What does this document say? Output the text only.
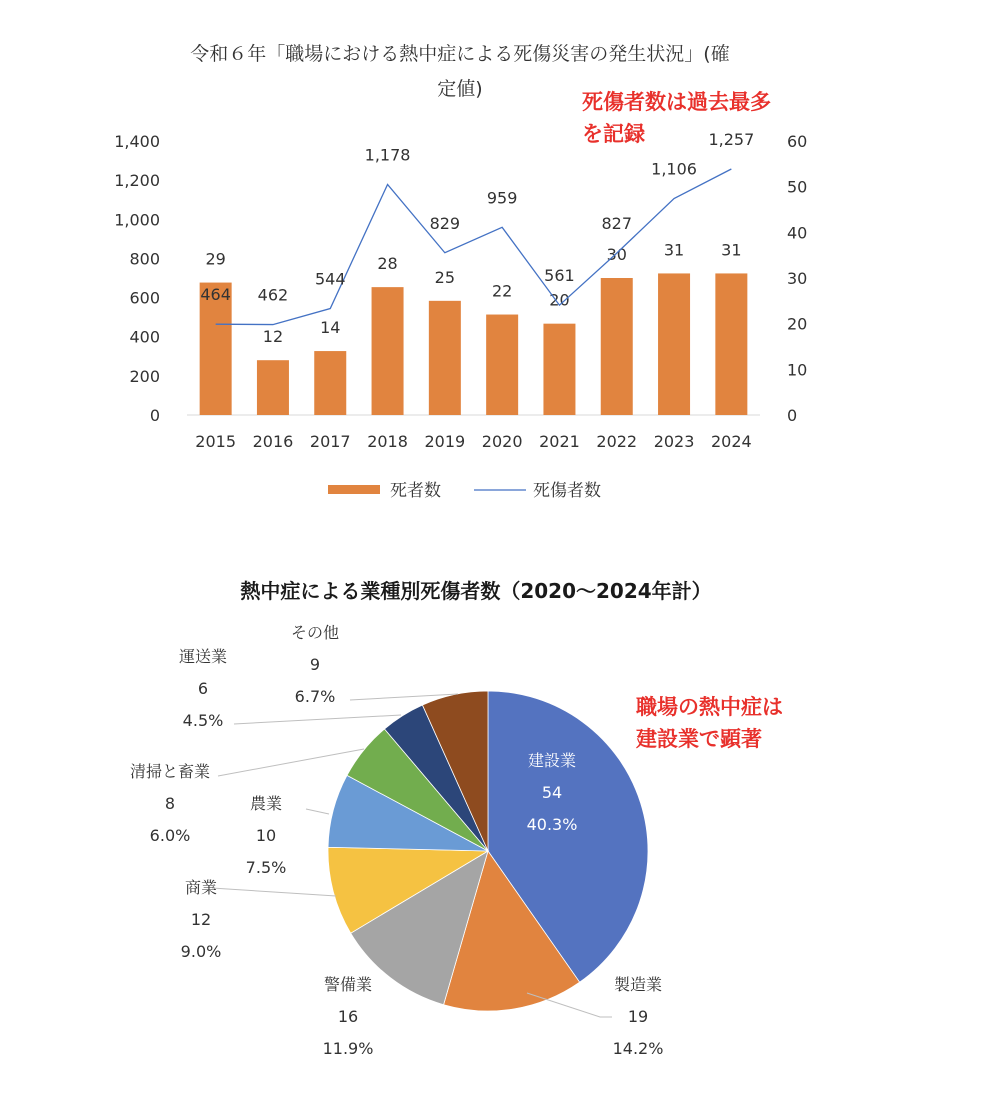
令和６年「職場における熱中症による死傷災害の発生状況」(確
定値)
死傷者数は過去最多
を記録
0
200
400
600
800
1,000
1,200
1,400
0
10
20
30
40
50
60
29
12 14
28
25
22 20
30 31 31
464 462
544
1,178
829
959
561
827
1,106
1,257
2015 2016 2017 2018 2019 2020 2021 2022 2023 2024
死者数	死傷者数
熱中症による業種別死傷者数（2020～2024年計）
職場の熱中症は
建設業で顕著
建設業
54
40.3%
製造業
19
14.2%
警備業
16
11.9%
商業
12
9.0%
農業
10
7.5%
清掃と畜業
8
6.0%
運送業
6
4.5%
その他
9
6.7%
